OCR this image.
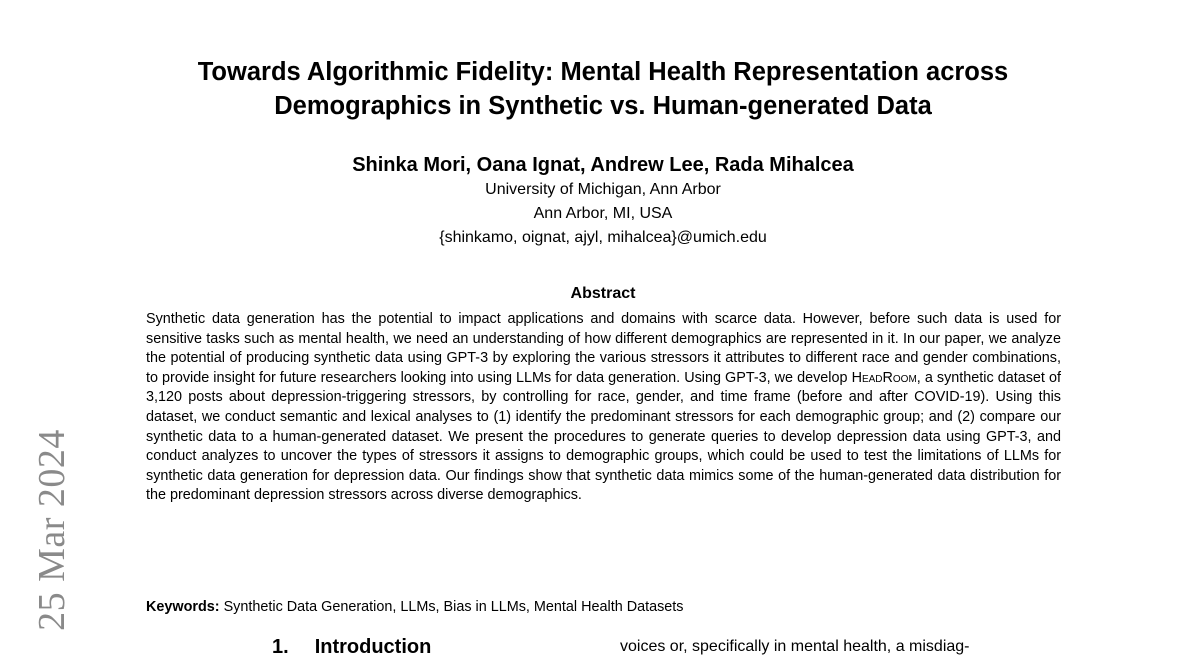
25 Mar 2024
Towards Algorithmic Fidelity: Mental Health Representation across
Demographics in Synthetic vs. Human-generated Data
Shinka Mori, Oana Ignat, Andrew Lee, Rada Mihalcea
University of Michigan, Ann Arbor
Ann Arbor, MI, USA
{shinkamo, oignat, ajyl, mihalcea}@umich.edu
Abstract

Synthetic data generation has the potential to impact applications and domains with scarce data. However, before such data is used for sensitive tasks such as mental health, we need an understanding of how different demographics are represented in it. In our paper, we analyze the potential of producing synthetic data using GPT-3 by exploring the various stressors it attributes to different race and gender combinations, to provide insight for future researchers looking into using LLMs for data generation. Using GPT-3, we develop HeadRoom, a synthetic dataset of 3,120 posts about depression-triggering stressors, by controlling for race, gender, and time frame (before and after COVID-19). Using this dataset, we conduct semantic and lexical analyses to (1) identify the predominant stressors for each demographic group; and (2) compare our synthetic data to a human-generated dataset. We present the procedures to generate queries to develop depression data using GPT-3, and conduct analyzes to uncover the types of stressors it assigns to demographic groups, which could be used to test the limitations of LLMs for synthetic data generation for depression data. Our findings show that synthetic data mimics some of the human-generated data distribution for the predominant depression stressors across diverse demographics.

Keywords: Synthetic Data Generation, LLMs, Bias in LLMs, Mental Health Datasets

1. Introduction	voices or, specifically in mental health, a misdiag-
